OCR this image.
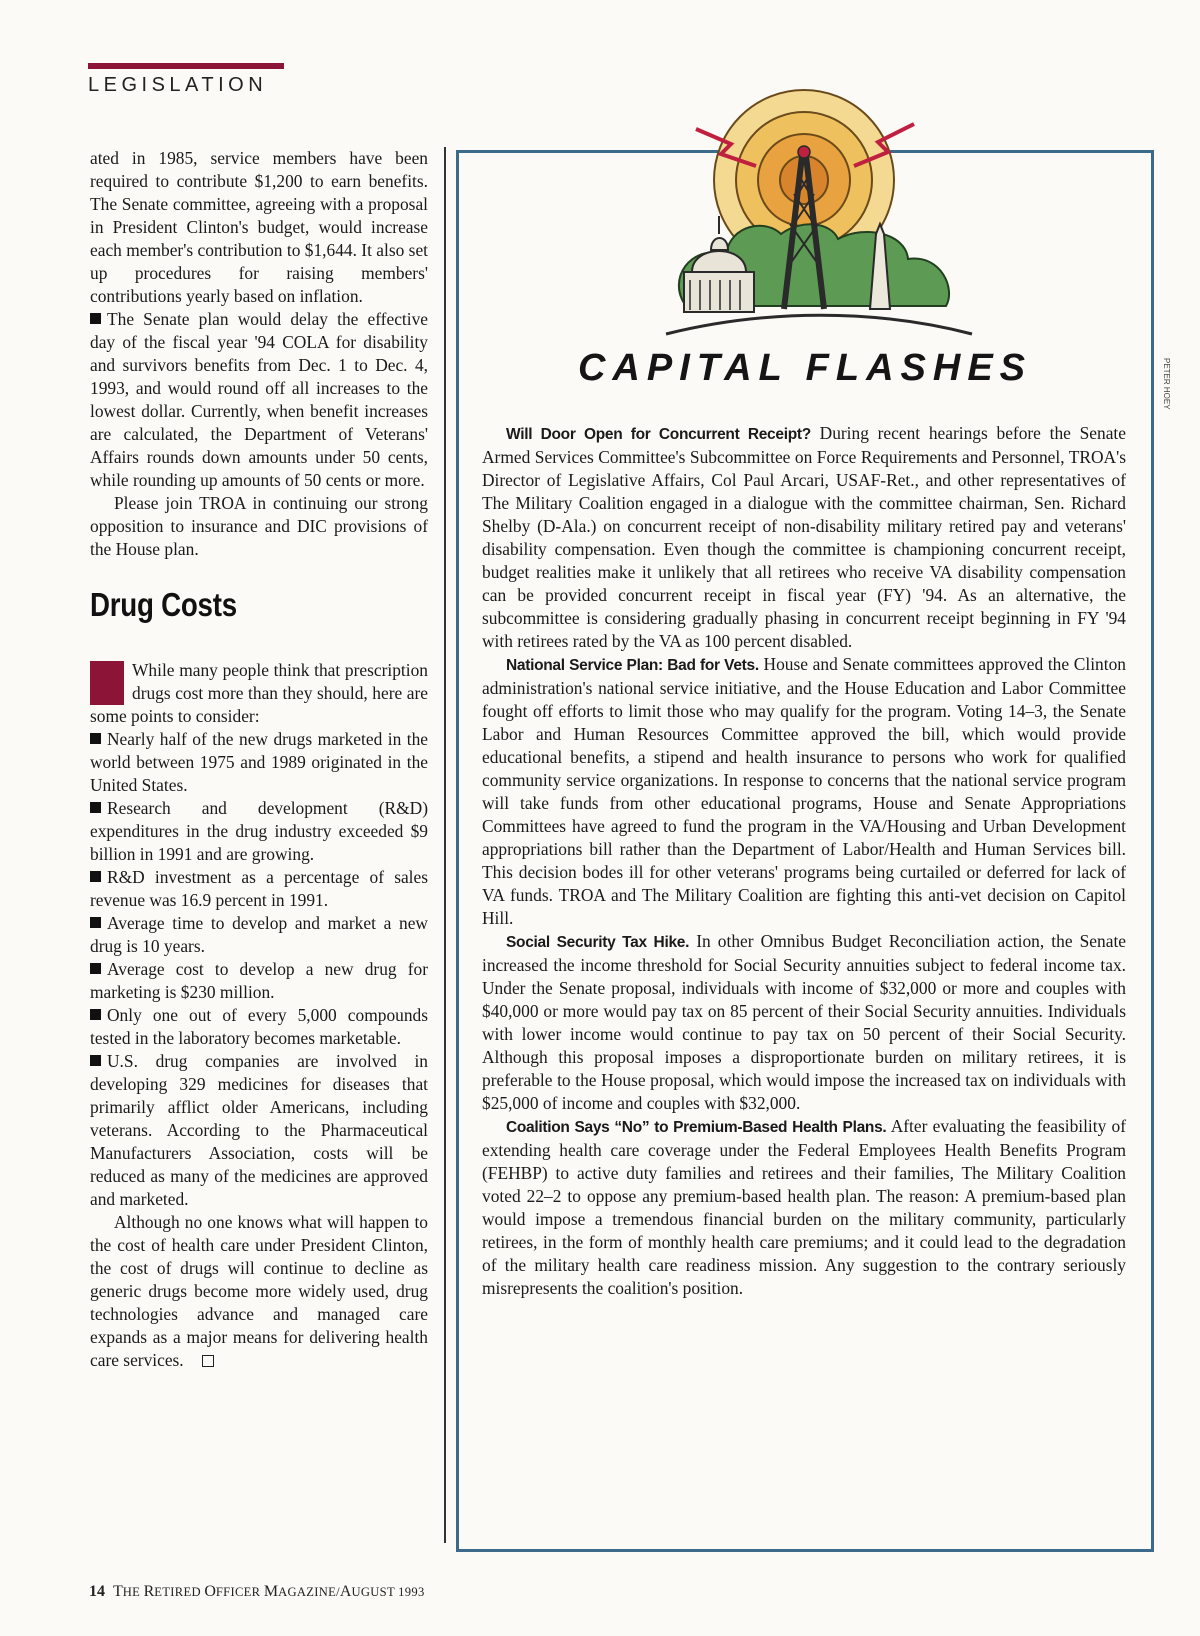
LEGISLATION

ated in 1985, service members have been required to contribute $1,200 to earn benefits. The Senate committee, agreeing with a proposal in President Clinton's budget, would increase each member's contribution to $1,644. It also set up procedures for raising members' contributions yearly based on inflation.

The Senate plan would delay the effective day of the fiscal year '94 COLA for disability and survivors benefits from Dec. 1 to Dec. 4, 1993, and would round off all increases to the lowest dollar. Currently, when benefit increases are calculated, the Department of Veterans' Affairs rounds down amounts under 50 cents, while rounding up amounts of 50 cents or more.

Please join TROA in continuing our strong opposition to insurance and DIC provisions of the House plan.

Drug Costs

While many people think that prescription drugs cost more than they should, here are some points to consider:

Nearly half of the new drugs marketed in the world between 1975 and 1989 originated in the United States.

Research and development (R&D) expenditures in the drug industry exceeded $9 billion in 1991 and are growing.

R&D investment as a percentage of sales revenue was 16.9 percent in 1991.

Average time to develop and market a new drug is 10 years.

Average cost to develop a new drug for marketing is $230 million.

Only one out of every 5,000 compounds tested in the laboratory becomes marketable.

U.S. drug companies are involved in developing 329 medicines for diseases that primarily afflict older Americans, including veterans. According to the Pharmaceutical Manufacturers Association, costs will be reduced as many of the medicines are approved and marketed.

Although no one knows what will happen to the cost of health care under President Clinton, the cost of drugs will continue to decline as generic drugs become more widely used, drug technologies advance and managed care expands as a major means for delivering health care services.

CAPITAL FLASHES	PETER HOEY

Will Door Open for Concurrent Receipt? During recent hearings before the Senate Armed Services Committee's Subcommittee on Force Requirements and Personnel, TROA's Director of Legislative Affairs, Col Paul Arcari, USAF-Ret., and other representatives of The Military Coalition engaged in a dialogue with the committee chairman, Sen. Richard Shelby (D-Ala.) on concurrent receipt of non-disability military retired pay and veterans' disability compensation. Even though the committee is championing concurrent receipt, budget realities make it unlikely that all retirees who receive VA disability compensation can be provided concurrent receipt in fiscal year (FY) '94. As an alternative, the subcommittee is considering gradually phasing in concurrent receipt beginning in FY '94 with retirees rated by the VA as 100 percent disabled.

National Service Plan: Bad for Vets. House and Senate committees approved the Clinton administration's national service initiative, and the House Education and Labor Committee fought off efforts to limit those who may qualify for the program. Voting 14–3, the Senate Labor and Human Resources Committee approved the bill, which would provide educational benefits, a stipend and health insurance to persons who work for qualified community service organizations. In response to concerns that the national service program will take funds from other educational programs, House and Senate Appropriations Committees have agreed to fund the program in the VA/Housing and Urban Development appropriations bill rather than the Department of Labor/Health and Human Services bill. This decision bodes ill for other veterans' programs being curtailed or deferred for lack of VA funds. TROA and The Military Coalition are fighting this anti-vet decision on Capitol Hill.

Social Security Tax Hike. In other Omnibus Budget Reconciliation action, the Senate increased the income threshold for Social Security annuities subject to federal income tax. Under the Senate proposal, individuals with income of $32,000 or more and couples with $40,000 or more would pay tax on 85 percent of their Social Security annuities. Individuals with lower income would continue to pay tax on 50 percent of their Social Security. Although this proposal imposes a disproportionate burden on military retirees, it is preferable to the House proposal, which would impose the increased tax on individuals with $25,000 of income and couples with $32,000.

Coalition Says “No” to Premium-Based Health Plans. After evaluating the feasibility of extending health care coverage under the Federal Employees Health Benefits Program (FEHBP) to active duty families and retirees and their families, The Military Coalition voted 22–2 to oppose any premium-based health plan. The reason: A premium-based plan would impose a tremendous financial burden on the military community, particularly retirees, in the form of monthly health care premiums; and it could lead to the degradation of the military health care readiness mission. Any suggestion to the contrary seriously misrepresents the coalition's position.

14 THE RETIRED OFFICER MAGAZINE/AUGUST 1993
